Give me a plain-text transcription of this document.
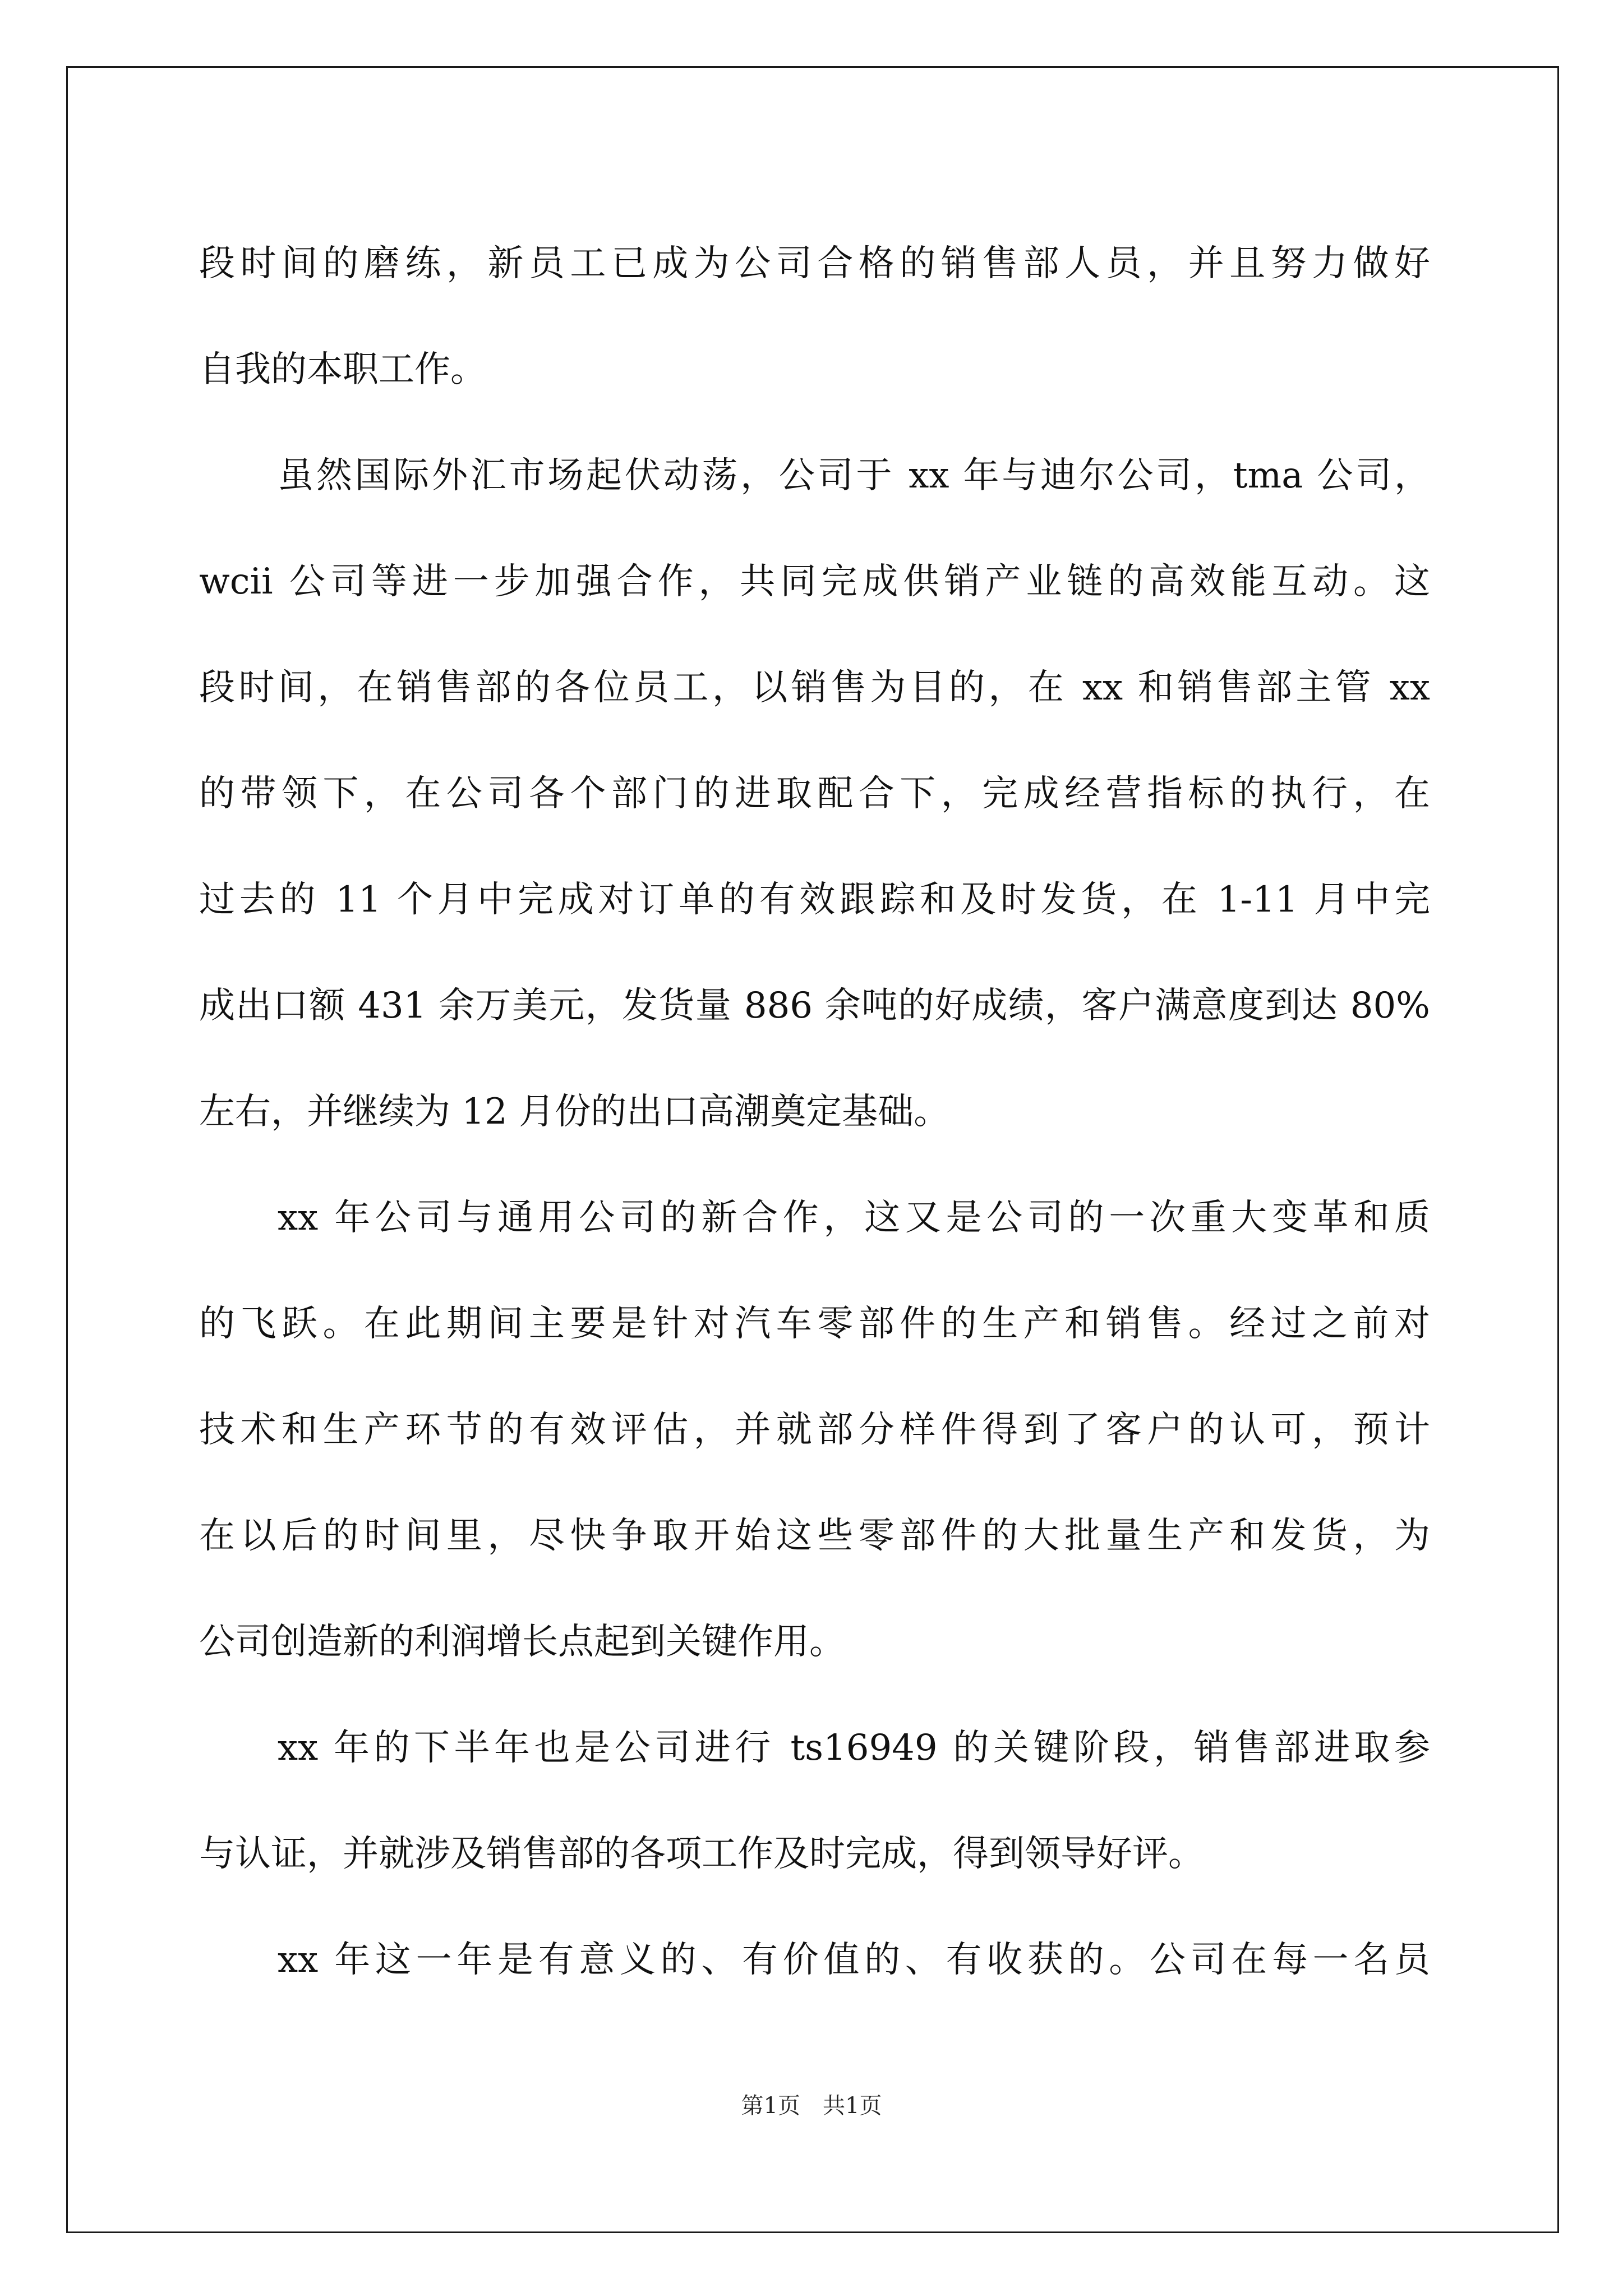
段时间的磨练，新员工已成为公司合格的销售部人员，并且努力做好
自我的本职工作。
虽然国际外汇市场起伏动荡，公司于 xx 年与迪尔公司，tma 公司，
wcii 公司等进一步加强合作，共同完成供销产业链的高效能互动。这
段时间，在销售部的各位员工，以销售为目的，在 xx 和销售部主管 xx
的带领下，在公司各个部门的进取配合下，完成经营指标的执行，在
过去的 11 个月中完成对订单的有效跟踪和及时发货，在 1-11 月中完
成出口额 431 余万美元，发货量 886 余吨的好成绩，客户满意度到达 80%
左右，并继续为 12 月份的出口高潮奠定基础。
xx 年公司与通用公司的新合作，这又是公司的一次重大变革和质
的飞跃。在此期间主要是针对汽车零部件的生产和销售。经过之前对
技术和生产环节的有效评估，并就部分样件得到了客户的认可，预计
在以后的时间里，尽快争取开始这些零部件的大批量生产和发货，为
公司创造新的利润增长点起到关键作用。
xx 年的下半年也是公司进行 ts16949 的关键阶段，销售部进取参
与认证，并就涉及销售部的各项工作及时完成，得到领导好评。
xx 年这一年是有意义的、有价值的、有收获的。公司在每一名员
第1页　共1页
